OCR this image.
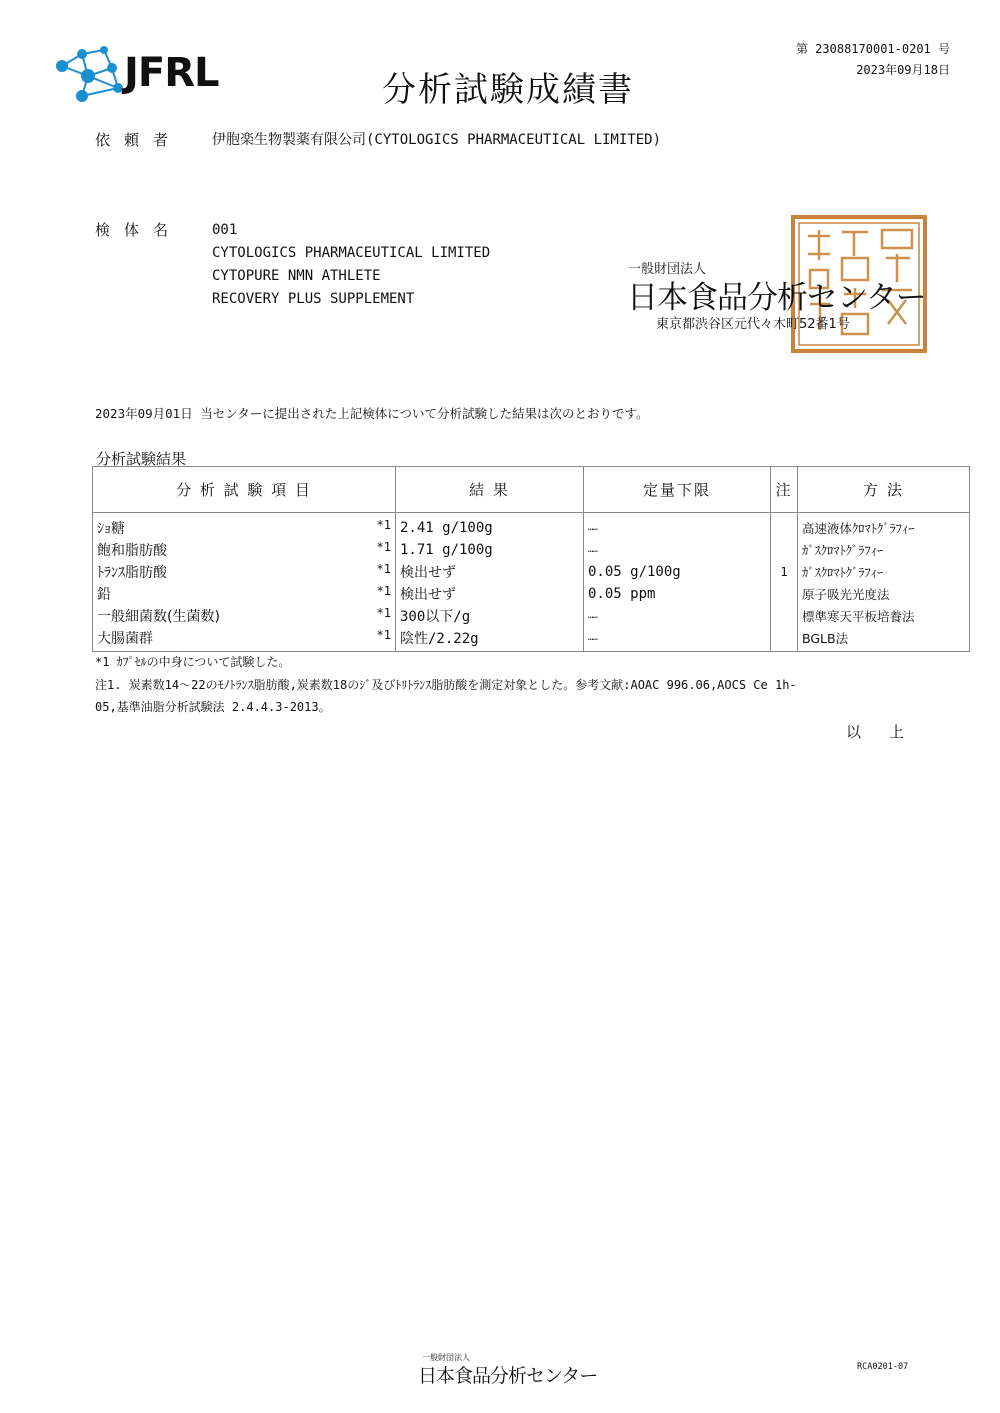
JFRL	分析試験成績書
第 23088170001-0201 号
2023年09月18日
依頼者 伊胞楽生物製薬有限公司(CYTOLOGICS PHARMACEUTICAL LIMITED)
検体名 001
CYTOLOGICS PHARMACEUTICAL LIMITED
CYTOPURE NMN ATHLETE
RECOVERY PLUS SUPPLEMENT
一般財団法人
日本食品分析センター
東京都渋谷区元代々木町52番1号
2023年09月01日 当センターに提出された上記検体について分析試験した結果は次のとおりです。
分析試験結果
分 析 試 験 項 目	結 果	定量下限	注	方 法

ｼｮ糖 *1	2.41 g/100g	……		高速液体ｸﾛﾏﾄｸﾞﾗﾌｨｰ

飽和脂肪酸 *1	1.71 g/100g	……		ｶﾞｽｸﾛﾏﾄｸﾞﾗﾌｨｰ

ﾄﾗﾝｽ脂肪酸 *1	検出せず	0.05 g/100g	1	ｶﾞｽｸﾛﾏﾄｸﾞﾗﾌｨｰ

鉛 *1	検出せず	0.05 ppm		原子吸光光度法

一般細菌数(生菌数) *1	300以下/g	……		標準寒天平板培養法

大腸菌群 *1	陰性/2.22g	……		BGLB法
*1 ｶﾌﾟｾﾙの中身について試験した。
注1. 炭素数14～22のﾓﾉﾄﾗﾝｽ脂肪酸,炭素数18のｼﾞ及びﾄﾘﾄﾗﾝｽ脂肪酸を測定対象とした。参考文献:AOAC 996.06,AOCS Ce 1h-
05,基準油脂分析試験法 2.4.4.3-2013。
以上
一般財団法人
日本食品分析センター	RCA0201-07
